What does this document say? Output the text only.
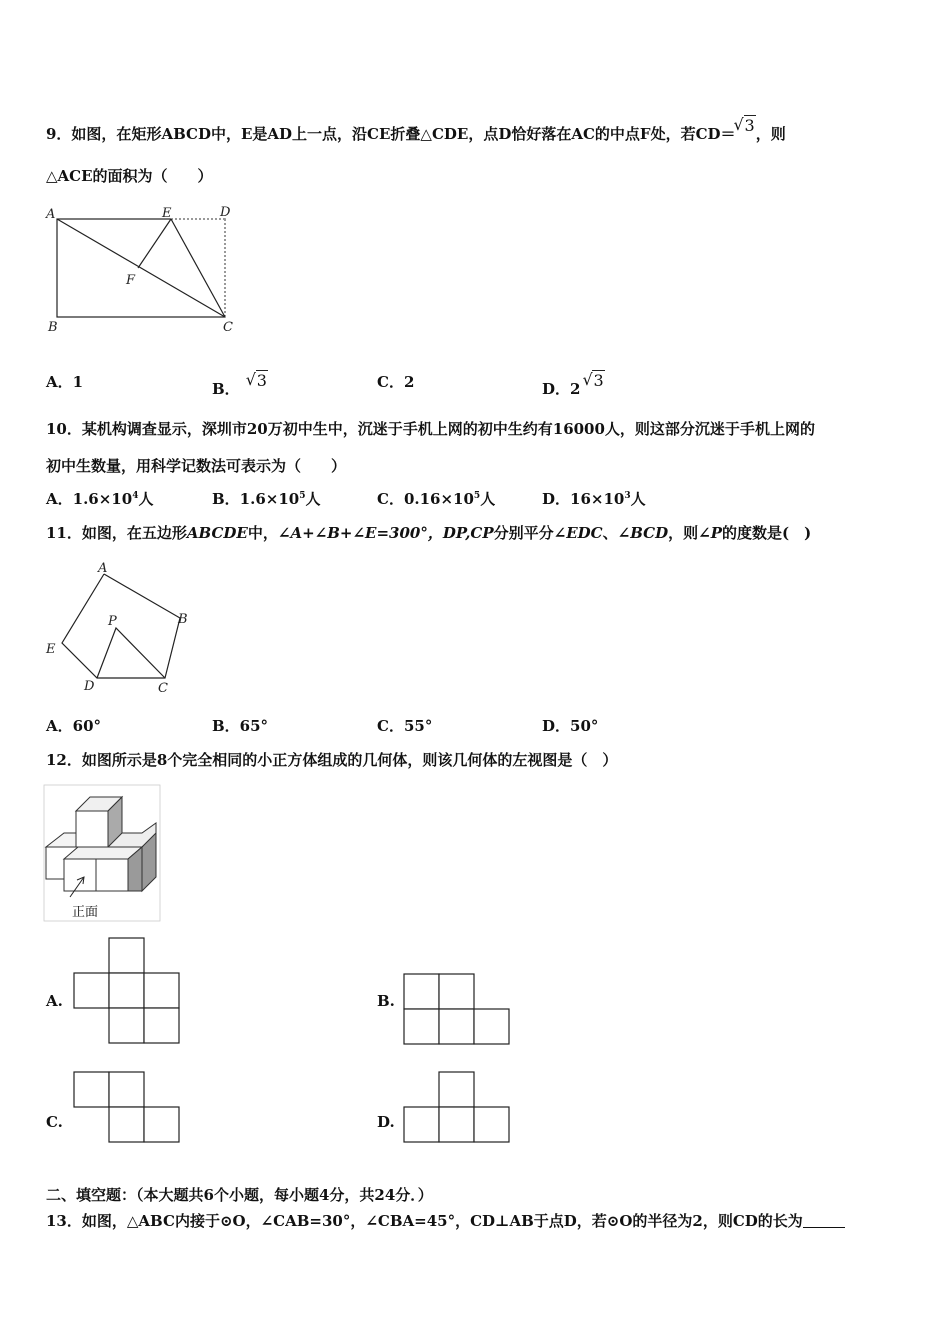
9．如图，在矩形ABCD中，E是AD上一点，沿CE折叠△CDE，点D恰好落在AC的中点F处，若CD＝ √ 3，则
△ACE的面积为（　　）
A	E	D
F
B	C
A．1	B． √ 3	C．2	D．2 √ 3
10．某机构调查显示，深圳市20万初中生中，沉迷于手机上网的初中生约有16000人，则这部分沉迷于手机上网的
初中生数量，用科学记数法可表示为（　　）
A．$1.6\times 10^4$人	B．$1.6\times 10^5$人	C．$0.16\times 10^5$人	D．$16\times 10^3$人
11．如图，在五边形ABCDE中，∠A+∠B+∠E=300°，DP,CP分别平分∠EDC、∠BCD，则∠P的度数是(　)
A
B
C
D
E
P
A．60°	B．65°	C．55°	D．50°
12．如图所示是8个完全相同的小正方体组成的几何体，则该几何体的左视图是（　）
正面
A.	B.
C.	D.
二、填空题：（本大题共6个小题，每小题4分，共24分．）
13．如图，△ABC内接于⊙O，∠CAB=30°，∠CBA=45°，CD⊥AB于点D，若⊙O的半径为2，则CD的长为
